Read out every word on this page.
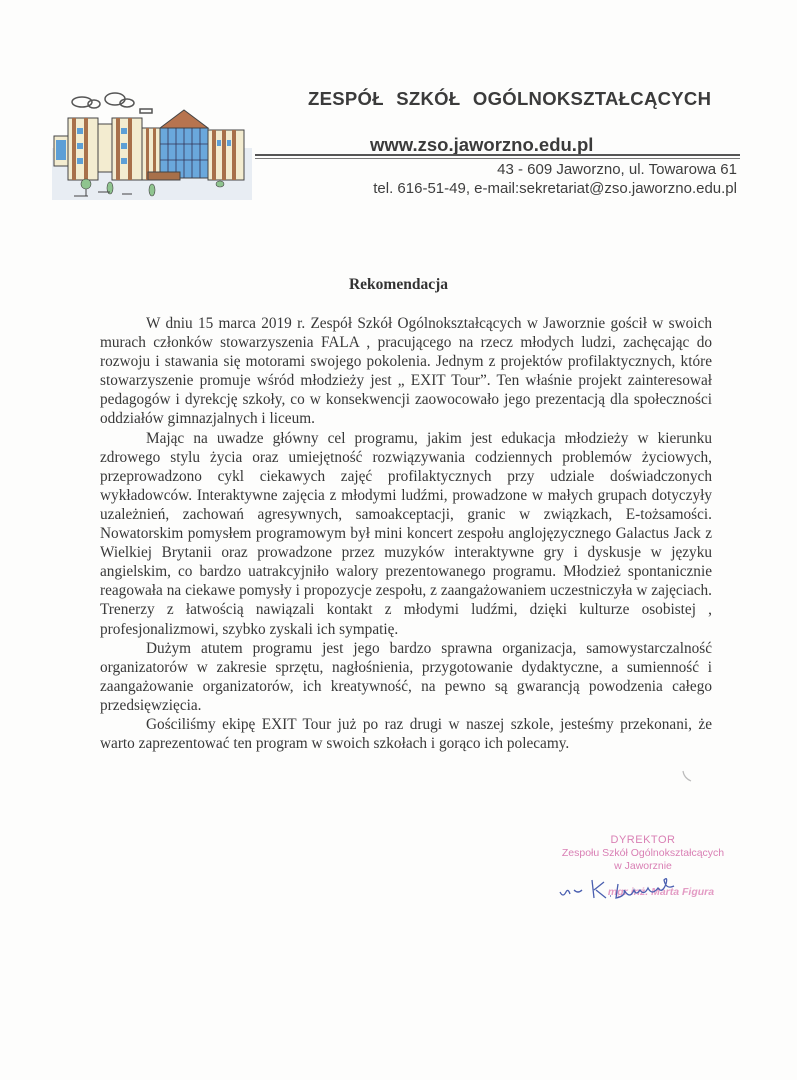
ZESPÓŁ SZKÓŁ OGÓLNOKSZTAŁCĄCYCH
www.zso.jaworzno.edu.pl
43 - 609 Jaworzno, ul. Towarowa 61
tel. 616-51-49, e-mail:sekretariat@zso.jaworzno.edu.pl
Rekomendacja

W dniu 15 marca 2019 r. Zespół Szkół Ogólnokształcących w Jaworznie gościł w swoich murach członków stowarzyszenia FALA , pracującego na rzecz młodych ludzi, zachęcając do rozwoju i stawania się motorami swojego pokolenia. Jednym z projektów profilaktycznych, które stowarzyszenie promuje wśród młodzieży jest „ EXIT Tour”. Ten właśnie projekt zainteresował pedagogów i dyrekcję szkoły, co w konsekwencji zaowocowało jego prezentacją dla społeczności oddziałów gimnazjalnych i liceum.

Mając na uwadze główny cel programu, jakim jest edukacja młodzieży w kierunku zdrowego stylu życia oraz umiejętność rozwiązywania codziennych problemów życiowych, przeprowadzono cykl ciekawych zajęć profilaktycznych przy udziale doświadczonych wykładowców. Interaktywne zajęcia z młodymi ludźmi, prowadzone w małych grupach dotyczyły uzależnień, zachowań agresywnych, samoakceptacji, granic w związkach, E-tożsamości. Nowatorskim pomysłem programowym był mini koncert zespołu anglojęzycznego Galactus Jack z Wielkiej Brytanii oraz prowadzone przez muzyków interaktywne gry i dyskusje w języku angielskim, co bardzo uatrakcyjniło walory prezentowanego programu. Młodzież spontanicznie reagowała na ciekawe pomysły i propozycje zespołu, z zaangażowaniem uczestniczyła w zajęciach. Trenerzy z łatwością nawiązali kontakt z młodymi ludźmi, dzięki kulturze osobistej , profesjonalizmowi, szybko zyskali ich sympatię.

Dużym atutem programu jest jego bardzo sprawna organizacja, samowystarczalność organizatorów w zakresie sprzętu, nagłośnienia, przygotowanie dydaktyczne, a sumienność i zaangażowanie organizatorów, ich kreatywność, na pewno są gwarancją powodzenia całego przedsięwzięcia.

Gościliśmy ekipę EXIT Tour już po raz drugi w naszej szkole, jesteśmy przekonani, że warto zaprezentować ten program w swoich szkołach i gorąco ich polecamy.

DYREKTOR
Zespołu Szkół Ogólnokształcących
w Jaworznie
mgr inż. Marta Figura
